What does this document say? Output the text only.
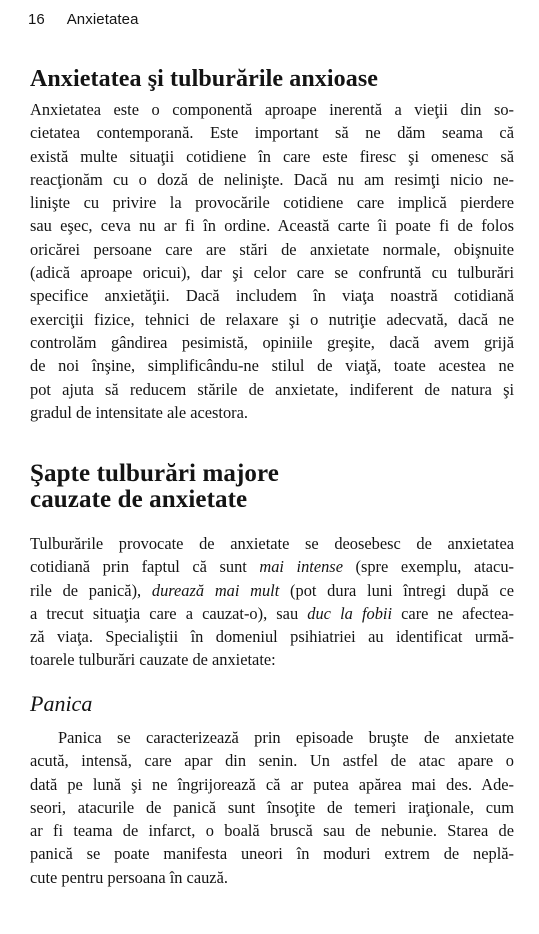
16 Anxietatea
Anxietatea şi tulburările anxioase

Anxietatea este o componentă aproape inerentă a vieţii din so-
cietatea contemporană. Este important să ne dăm seama că
există multe situaţii cotidiene în care este firesc şi omenesc să
reacţionăm cu o doză de nelinişte. Dacă nu am resimţi nicio ne-
linişte cu privire la provocările cotidiene care implică pierdere
sau eşec, ceva nu ar fi în ordine. Această carte îi poate fi de folos
oricărei persoane care are stări de anxietate normale, obişnuite
(adică aproape oricui), dar şi celor care se confruntă cu tulburări
specifice anxietăţii. Dacă includem în viaţa noastră cotidiană
exerciţii fizice, tehnici de relaxare şi o nutriţie adecvată, dacă ne
controlăm gândirea pesimistă, opiniile greşite, dacă avem grijă
de noi înşine, simplificându-ne stilul de viaţă, toate acestea ne
pot ajuta să reducem stările de anxietate, indiferent de natura şi
gradul de intensitate ale acestora.

Şapte tulburări majore
cauzate de anxietate

Tulburările provocate de anxietate se deosebesc de anxietatea
cotidiană prin faptul că sunt mai intense (spre exemplu, atacu-
rile de panică), durează mai mult (pot dura luni întregi după ce
a trecut situaţia care a cauzat-o), sau duc la fobii care ne afectea-
ză viaţa. Specialiştii în domeniul psihiatriei au identificat urmă-
toarele tulburări cauzate de anxietate:

Panica

Panica se caracterizează prin episoade bruşte de anxietate
acută, intensă, care apar din senin. Un astfel de atac apare o
dată pe lună şi ne îngrijorează că ar putea apărea mai des. Ade-
seori, atacurile de panică sunt însoţite de temeri iraţionale, cum
ar fi teama de infarct, o boală bruscă sau de nebunie. Starea de
panică se poate manifesta uneori în moduri extrem de neplă-
cute pentru persoana în cauză.
